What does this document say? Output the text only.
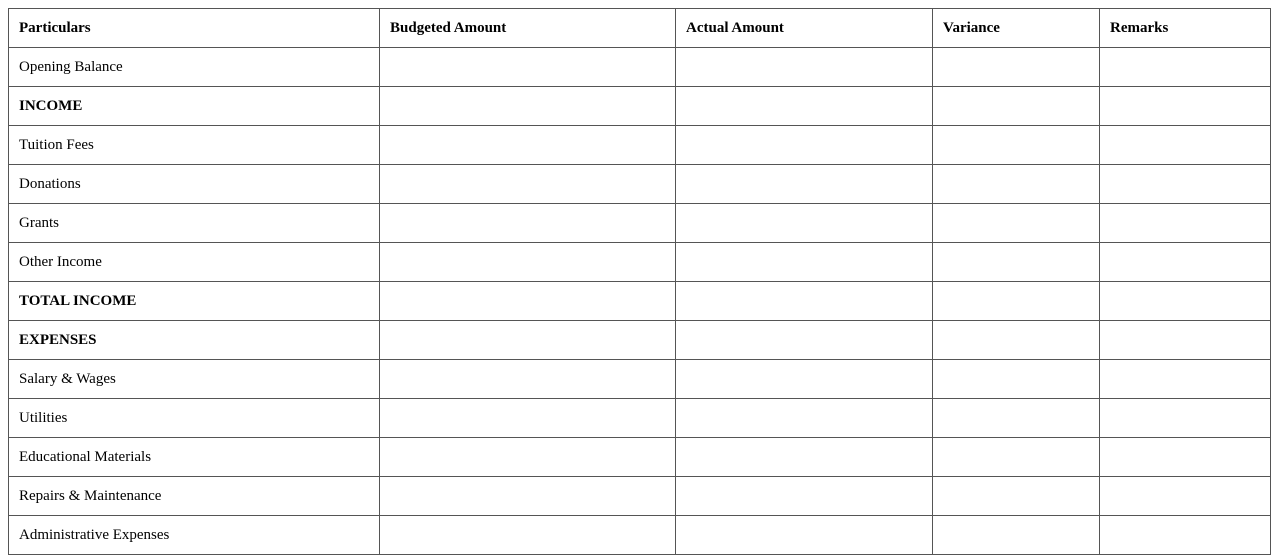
Particulars	Budgeted Amount	Actual Amount	Variance	Remarks
Opening Balance				
INCOME				
Tuition Fees				
Donations				
Grants				
Other Income				
TOTAL INCOME				
EXPENSES				
Salary & Wages				
Utilities				
Educational Materials				
Repairs & Maintenance				
Administrative Expenses				
